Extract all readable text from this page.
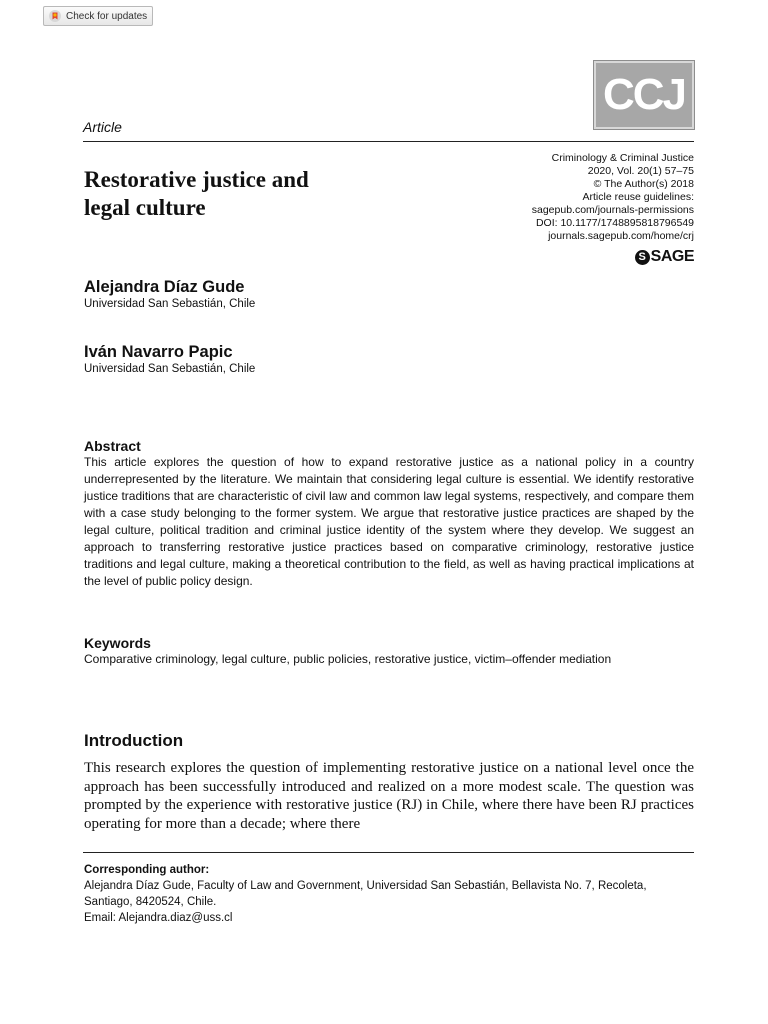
Check for updates
CCJ
Article
Criminology & Criminal Justice
2020, Vol. 20(1) 57–75
© The Author(s) 2018
Article reuse guidelines:
sagepub.com/journals-permissions
DOI: 10.1177/1748895818796549
journals.sagepub.com/home/crj
S SAGE
Restorative justice and
legal culture

Alejandra Díaz Gude

Universidad San Sebastián, Chile

Iván Navarro Papic

Universidad San Sebastián, Chile

Abstract

This article explores the question of how to expand restorative justice as a national policy in a country underrepresented by the literature. We maintain that considering legal culture is essential. We identify restorative justice traditions that are characteristic of civil law and common law legal systems, respectively, and compare them with a case study belonging to the former system. We argue that restorative justice practices are shaped by the legal culture, political tradition and criminal justice identity of the system where they develop. We suggest an approach to transferring restorative justice practices based on comparative criminology, restorative justice traditions and legal culture, making a theoretical contribution to the field, as well as having practical implications at the level of public policy design.

Keywords

Comparative criminology, legal culture, public policies, restorative justice, victim–offender mediation

Introduction

This research explores the question of implementing restorative justice on a national level once the approach has been successfully introduced and realized on a more modest scale. The question was prompted by the experience with restorative justice (RJ) in Chile, where there have been RJ practices operating for more than a decade; where there

Corresponding author:
Alejandra Díaz Gude, Faculty of Law and Government, Universidad San Sebastián, Bellavista No. 7, Recoleta, Santiago, 8420524, Chile.
Email: Alejandra.diaz@uss.cl
